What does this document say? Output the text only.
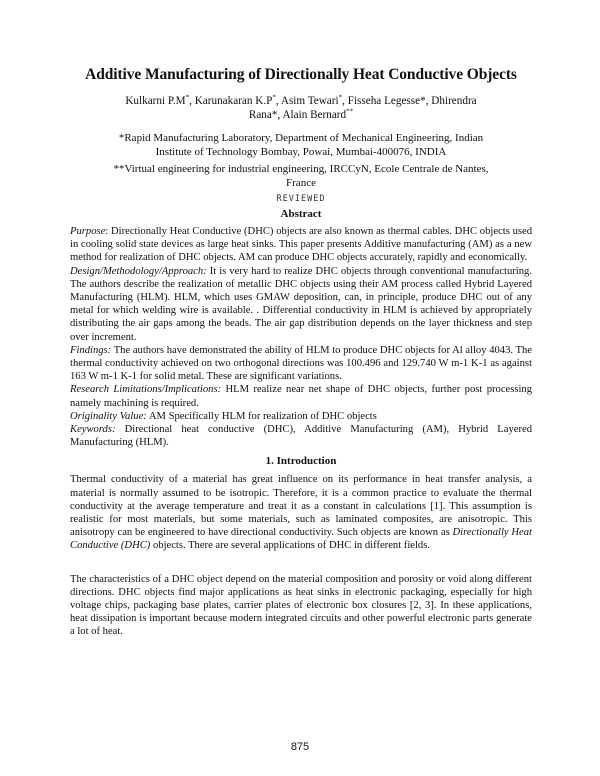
Additive Manufacturing of Directionally Heat Conductive Objects
Kulkarni P.M*, Karunakaran K.P*, Asim Tewari*, Fisseha Legesse*, Dhirendra Rana*, Alain Bernard**
*Rapid Manufacturing Laboratory, Department of Mechanical Engineering, Indian Institute of Technology Bombay, Powai, Mumbai-400076, INDIA
**Virtual engineering for industrial engineering, IRCCyN, Ecole Centrale de Nantes, France
REVIEWED
Abstract

Purpose: Directionally Heat Conductive (DHC) objects are also known as thermal cables. DHC objects used in cooling solid state devices as large heat sinks. This paper presents Additive manufacturing (AM) as a new method for realization of DHC objects. AM can produce DHC objects accurately, rapidly and economically.

Design/Methodology/Approach: It is very hard to realize DHC objects through conventional manufacturing. The authors describe the realization of metallic DHC objects using their AM process called Hybrid Layered Manufacturing (HLM). HLM, which uses GMAW deposition, can, in principle, produce DHC out of any metal for which welding wire is available. . Differential conductivity in HLM is achieved by appropriately distributing the air gaps among the beads. The air gap distribution depends on the layer thickness and step over increment.

Findings: The authors have demonstrated the ability of HLM to produce DHC objects for Al alloy 4043. The thermal conductivity achieved on two orthogonal directions was 100.496 and 129.740 W m-1 K-1 as against 163 W m-1 K-1 for solid metal. These are significant variations.

Research Limitations/Implications: HLM realize near net shape of DHC objects, further post processing namely machining is required.

Originality Value: AM Specifically HLM for realization of DHC objects

Keywords: Directional heat conductive (DHC), Additive Manufacturing (AM), Hybrid Layered Manufacturing (HLM).

1. Introduction

Thermal conductivity of a material has great influence on its performance in heat transfer analysis, a material is normally assumed to be isotropic. Therefore, it is a common practice to evaluate the thermal conductivity at the average temperature and treat it as a constant in calculations [1]. This assumption is realistic for most materials, but some materials, such as laminated composites, are anisotropic. This anisotropy can be engineered to have directional conductivity. Such objects are known as Directionally Heat Conductive (DHC) objects. There are several applications of DHC in different fields.

The characteristics of a DHC object depend on the material composition and porosity or void along different directions. DHC objects find major applications as heat sinks in electronic packaging, especially for high voltage chips, packaging base plates, carrier plates of electronic box closures [2, 3]. In these applications, heat dissipation is important because modern integrated circuits and other powerful electronic parts generate a lot of heat.

875
